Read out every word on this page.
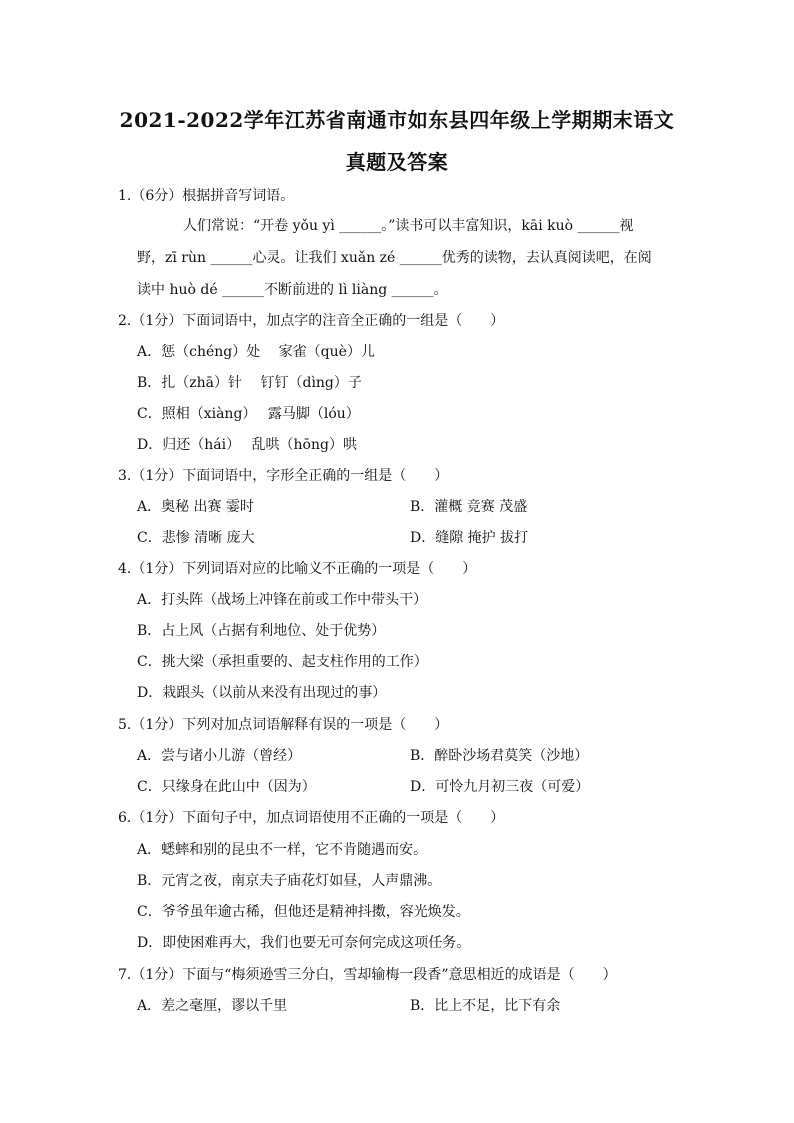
2021-2022学年江苏省南通市如东县四年级上学期期末语文
真题及答案
1.（6分）根据拼音写词语。
人们常说：“开卷 yǒu yì ______。”读书可以丰富知识，kāi kuò ______视
野，zī rùn ______心灵。让我们 xuǎn zé ______优秀的读物，去认真阅读吧，在阅
读中 huò dé ______不断前进的 lì liàng ______。
2.（1分）下面词语中，加点字的注音全正确的一组是（　　）
A．惩（chéng）处　 家雀（què）儿
B．扎（zhā）针　 钉钉（dìng）子
C．照相（xiàng）　 露马脚（lóu）
D．归还（hái）　 乱哄（hōng）哄
3.（1分）下面词语中，字形全正确的一组是（　　）
A．奥秘 出赛 霎时	B．灌概 竞赛 茂盛
C．悲惨 清晰 庞大	D．缝隙 掩护 拔打
4.（1分）下列词语对应的比喻义不正确的一项是（　　）
A．打头阵（战场上冲锋在前或工作中带头干）
B．占上风（占据有利地位、处于优势）
C．挑大梁（承担重要的、起支柱作用的工作）
D．栽跟头（以前从来没有出现过的事）
5.（1分）下列对加点词语解释有误的一项是（　　）
A．尝与诸小儿游（曾经）	B．醉卧沙场君莫笑（沙地）
C．只缘身在此山中（因为）	D．可怜九月初三夜（可爱）
6.（1分）下面句子中，加点词语使用不正确的一项是（　　）
A．蟋蟀和别的昆虫不一样，它不肯随遇而安。
B．元宵之夜，南京夫子庙花灯如昼，人声鼎沸。
C．爷爷虽年逾古稀，但他还是精神抖擞，容光焕发。
D．即使困难再大，我们也要无可奈何完成这项任务。
7.（1分）下面与“梅须逊雪三分白，雪却输梅一段香”意思相近的成语是（　　）
A．差之毫厘，谬以千里	B．比上不足，比下有余
